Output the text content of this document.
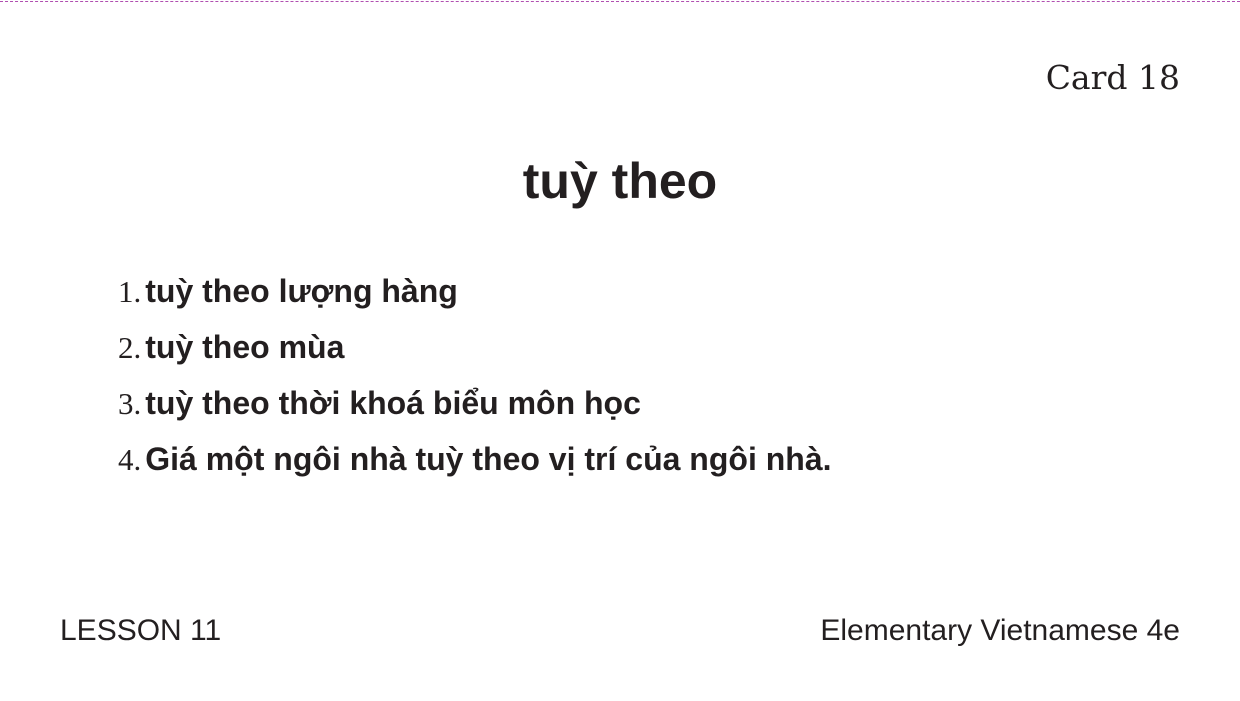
Card 18
tuỳ theo
1. tuỳ theo lượng hàng
2. tuỳ theo mùa
3. tuỳ theo thời khoá biểu môn học
4. Giá một ngôi nhà tuỳ theo vị trí của ngôi nhà.
LESSON 11	Elementary Vietnamese 4e
